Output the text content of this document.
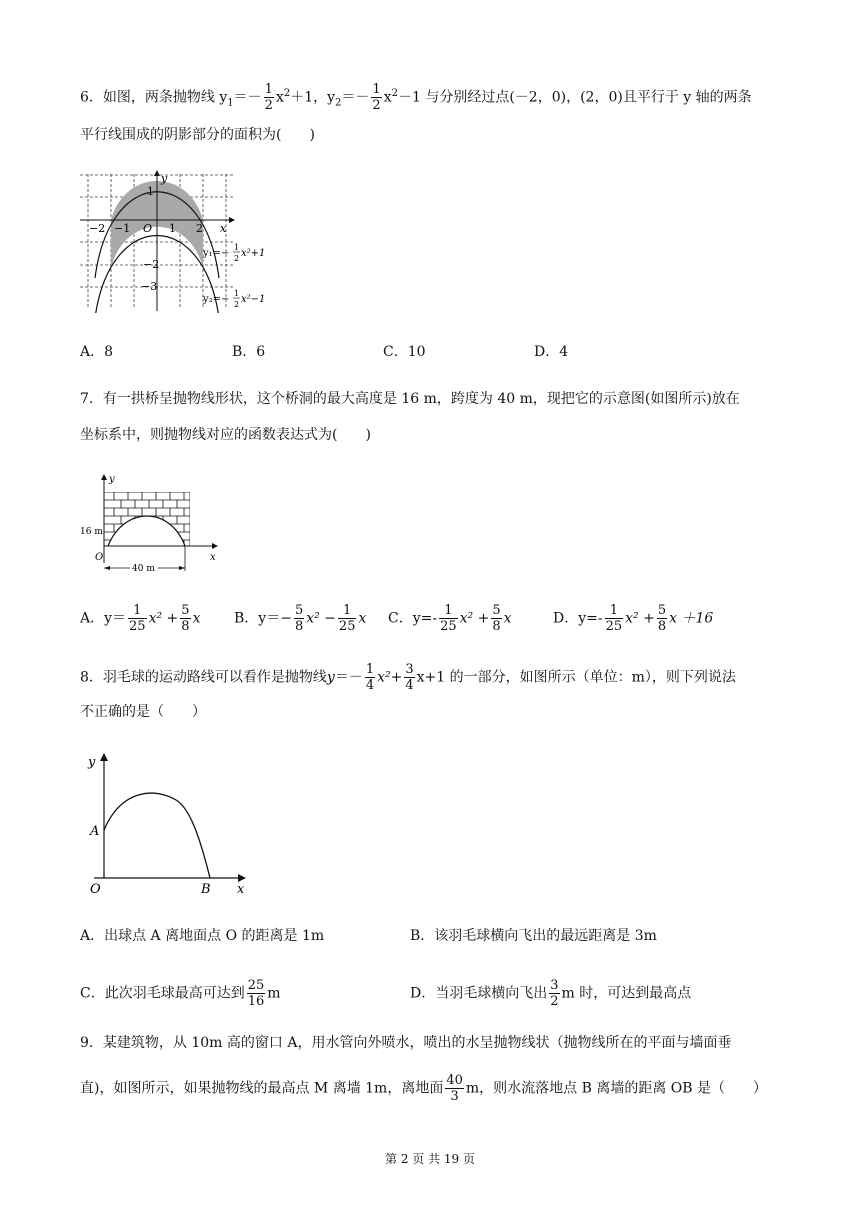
6．如图，两条抛物线 $y_1=- \frac{1}{2} x^2+1$，$y_2=- \frac{1}{2} x^2-1$ 与分别经过点(－2，0)，(2，0)且平行于 y 轴的两条
平行线围成的阴影部分的面积为(　　)
y
x
O
−2 −1	1 2
1
−2
−3
y₁=−
1
2 x²+1
y₂=−
1
2 x²−1
A．8	B．6	C．10	D．4
7．有一拱桥呈抛物线形状，这个桥洞的最大高度是 16 m，跨度为 40 m，现把它的示意图(如图所示)放在
坐标系中，则抛物线对应的函数表达式为(　　)
40 m
y
x
O
16 m
A．$y= \frac{1}{25} x^2 + \frac{5}{8}$ x B．$y=- \frac{5}{8} x^2 - \frac{1}{25}$ x C．$y=- \frac{1}{25} x^2 + \frac{5}{8}$ x	D．$y=- \frac{1}{25} x^2 + \frac{5}{8}$ x ＋16
8．羽毛球的运动路线可以看作是抛物线$y=- \frac{1}{4} x^2+ \frac{3}{4} x+1$ 的一部分，如图所示（单位：m），则下列说法
不正确的是（　　）
y
A
O	B x
A．出球点 A 离地面点 O 的距离是 1m	B．该羽毛球横向飞出的最远距离是 3m
C．此次羽毛球最高可达到 $\frac{25}{16}$ m	D．当羽毛球横向飞出 $\frac{3}{2}$ m 时，可达到最高点
9．某建筑物，从 10m 高的窗口 A，用水管向外喷水，喷出的水呈抛物线状（抛物线所在的平面与墙面垂
直)，如图所示，如果抛物线的最高点 M 离墙 1m，离地面 $\frac{40}{3}$ m，则水流落地点 B 离墙的距离 OB 是（　　）
第 2 页 共 19 页
